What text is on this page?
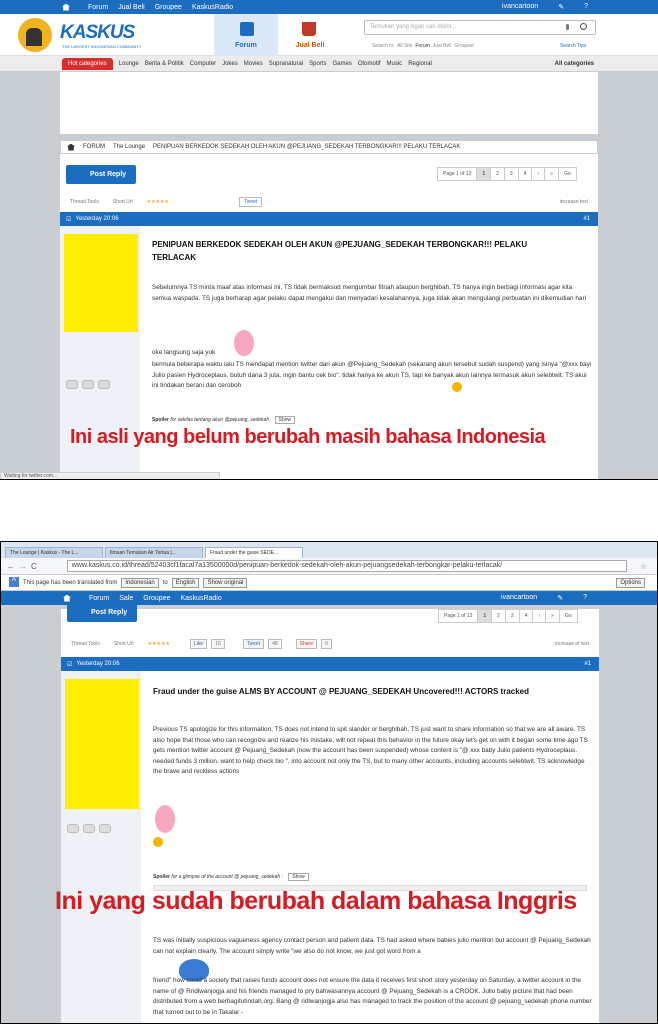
Forum Jual Beli Groupee KaskusRadio	ivancartoon	✎	?
KASKUS
THE LARGEST INDONESIAN COMMUNITY	Forum	Jual Beli
Temukan yang Agan cari disini...
Search in: All Site Forum Jual Beli Groupee	Search Tips
Hot categories	Lounge Berita & Politik Computer Jokes Movies Supranatural Sports Games Otomotif Music Regional	All categories
FORUM The Lounge PENIPUAN BERKEDOK SEDEKAH OLEH AKUN @PEJUANG_SEDEKAH TERBONGKAR!!! PELAKU TERLACAK
Post Reply	Page 1 of 13	1	2	3	4	›	»	Go
Thread Tools	Short Url	★★★★★	Tweet	increase text
☑ Yesterday 20:06	#1
PENIPUAN BERKEDOK SEDEKAH OLEH AKUN @PEJUANG_SEDEKAH TERBONGKAR!!! PELAKU TERLACAK
Sebelumnya TS minta maaf atas informasi ini, TS tidak bermaksud mengumbar fitnah ataupun berghibah. TS hanya ingin berbagi informasi agar kita semua waspada. TS juga berharap agar pelaku dapat mengakui dan menyadari kesalahannya, juga tidak akan mengulangi perbuatan ini dikemudian hari
oke langsung saja yuk
bermula beberapa waktu lalu TS mendapat mention twitter dari akun @Pejuang_Sedekah (sekarang akun tersebut sudah suspend) yang isinya "@xxx bayi Julio pasien Hydroceplaus. butuh dana 3 juta. ingin bantu cek bio". tidak hanya ke akun TS, tapi ke banyak akun lainnya termasuk akun selebtwit. TS akui ini tindakan berani dan ceroboh
Spoiler for sekilas tentang akun @pejuang_sedekah Show
Ini asli yang belum berubah masih bahasa Indonesia
Waiting for twitter.com...
The Lounge | Kaskus - The L...	Ilmuan Temukan Air Tertua |...	Fraud under the guise SEDE...
← → C	www.kaskus.co.id/thread/52403cf1facal7a13500000d/penipuan-berkedok-sedekah-oleh-akun-pejuangsedekah-terbongkar-pelaku-terlacak/	☆
A	This page has been translated from	Indonesian	to	English	Show original	Options
Forum Sale Groupee KaskusRadio	ivancartoon	✎	?
Post Reply	Page 1 of 13	1	2	3	4	›	»	Go
Thread Tools	Short Url	★★★★★	Like	16	Tweet	48	Share	0	increase of text
☑ Yesterday 20:06	#1
Fraud under the guise ALMS BY ACCOUNT @ PEJUANG_SEDEKAH Uncovered!!! ACTORS tracked
Previous TS apologize for this information, TS does not intend to spit slander or berghibah. TS just want to share information so that we are all aware. TS also hope that those who can recognize and realize his mistake, will not repeat this behavior in the future okay let's get on with it began some time ago TS gets mention twitter account @ Pejuang_Sedekah (now the account has been suspended) whose content is "@ xxx baby Julio patients Hydroceplaus. needed funds 3 million. want to help check bio ". into account not only the TS, but to many other accounts, including accounts selebtwit. TS acknowledge the brave and reckless actions
Spoiler for a glimpse of the account @ pejuang_sedekah : Show
TS was initially suspicious vagueness agency contact person and patient data. TS had asked where babies julio mention but account @ Pejuang_Sedekah can not explain clearly. The account simply write "we also do not know, we just got word from a
friend" how could a society that raises funds account does not ensure the data it receives first short story yesterday on Saturday, a twitter account in the name of @ Rridlwanjogja and his friends managed to pry bahwasannya account @ Pejuang_Sedekah is a CROOK. Julio baby picture that had been distributed from a web berbagitutindah.org. Bang @ ridlwanjogja also has managed to track the position of the account @ pejuang_sedekah phone number that turned out to be in Takalar -
Ini yang sudah berubah dalam bahasa Inggris
